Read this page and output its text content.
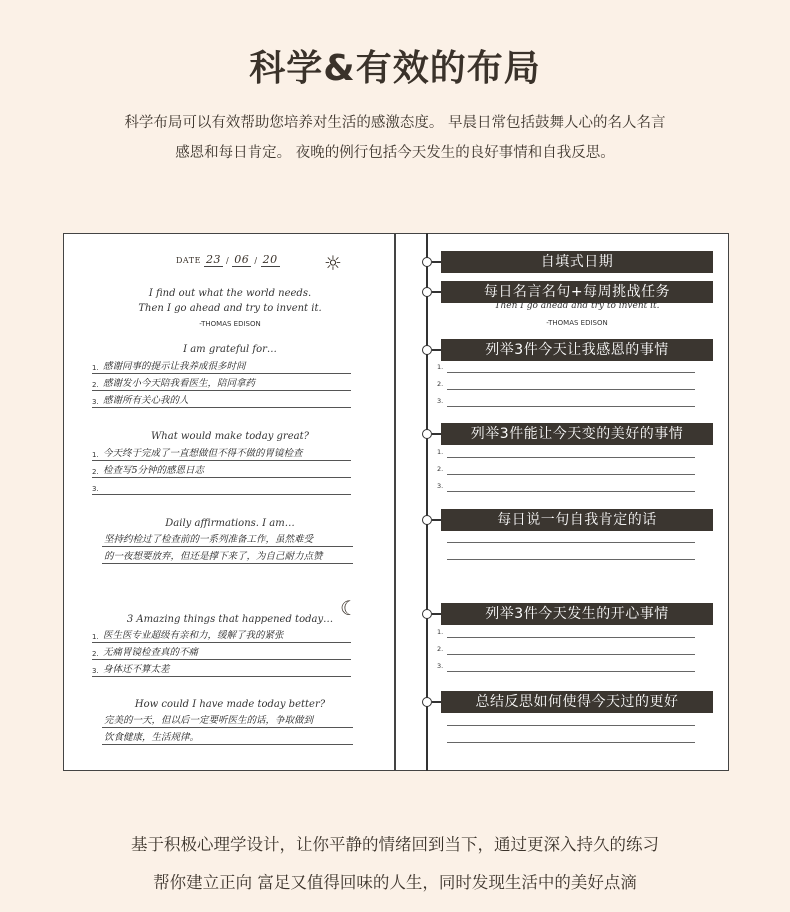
科学&有效的布局
科学布局可以有效帮助您培养对生活的感激态度。 早晨日常包括鼓舞人心的名人名言
感恩和每日肯定。 夜晚的例行包括今天发生的良好事情和自我反思。
DATE 23 / 06 / 20 ☼
I find out what the world needs.
Then I go ahead and try to invent it.
-THOMAS EDISON
I am grateful for…
1. 感谢同事的提示让我养成很多时间
2. 感谢发小今天陪我看医生，陪同拿药
3. 感谢所有关心我的人
What would make today great?
1. 今天终于完成了一直想做但不得不做的胃镜检查
2. 检查写5分钟的感恩日志
3.
Daily affirmations. I am…
坚持约检过了检查前的一系列准备工作，虽然难受
的一夜想要放弃，但还是撑下来了，为自己耐力点赞
☾
3 Amazing things that happened today…
1. 医生医专业超级有亲和力，缓解了我的紧张
2. 无痛胃镜检查真的不痛
3. 身体还不算太差
How could I have made today better?
完美的一天，但以后一定要听医生的话，争取做到
饮食健康，生活规律。
自填式日期
每日名言名句+每周挑战任务
Then I go ahead and try to invent it.
-THOMAS EDISON
列举3件今天让我感恩的事情
1.
2.
3.
列举3件能让今天变的美好的事情
1.
2.
3.
每日说一句自我肯定的话
列举3件今天发生的开心事情
1.
2.
3.
总结反思如何使得今天过的更好
基于积极心理学设计，让你平静的情绪回到当下，通过更深入持久的练习
帮你建立正向 富足又值得回味的人生，同时发现生活中的美好点滴
